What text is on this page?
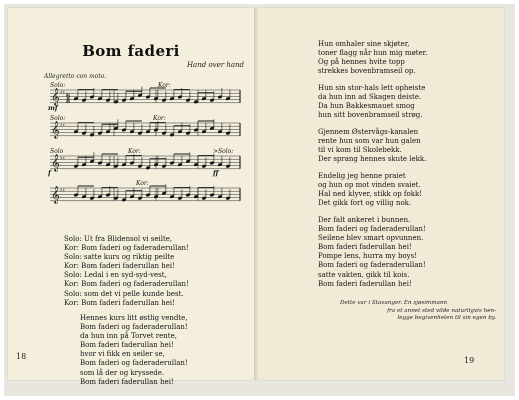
Bom faderi
Hand over hand
Allegretto con moto.
𝄞 ♯♯ 6
8
𝄞 ♯♯
𝄞 ♯♯
𝄞 ♯♯
Solo:	Kor:
Solo:	Kor:
Solo	Kor:	>Solo:
Kor:
mf
f	ff
Solo: Ut fra Blidensol vi seilte,
Kor: Bom faderi og faderaderullan!
Solo: satte kurs og riktig peilte
Kor: Bom faderi faderullan hei!
Solo: Ledal i en syd-syd-vest,
Kor: Bom faderi og faderaderullan!
Solo: som det vi pelle kunde best.
Kor: Bom faderi faderullan hei!
Hennes kurs litt østlig vendte,
Bom faderi og faderaderullan!
da hun inn på Torvet rente,
Bom faderi faderullan hei!
hvor vi fikk en seiler se,
Bom faderi og faderaderullan!
som lå der og kryssede.
Bom faderi faderullan hei!
18
Hun omhaler sine skjøter,
toner flagg når hun mig møter.
Og på hennes hvite topp
strekkes bovenbramseil op.
Hun sin stor-hals lett opheiste
da hun inn ad Skagen deiste.
Da hun Bakkesmauet smog
hun sitt bovenbramseil strøg.
Gjennem Østervågs-kanalen
rente hun som var hun galen
til vi kom til Skolebekk.
Der sprang hennes skute lekk.
Endelig jeg henne praiet
og hun op mot vinden svaiet.
Hal ned klyver, stikk op fokk!
Det gikk fort og villig nok.
Der falt ankeret i bunnen.
Bom faderi og faderaderullan!
Seilene blev smart opvunnen.
Bom faderi faderullan hei!
Pompe lens, hurra my boys!
Bom faderi og faderaderullan!
satte vakten, gikk til kois.
Bom faderi faderullan hei!
19
Dette var i Stavanger. En sjøsimmann
fra et annet sted vilde naturligvis hen-
legge begivenheten til sin egen by.
